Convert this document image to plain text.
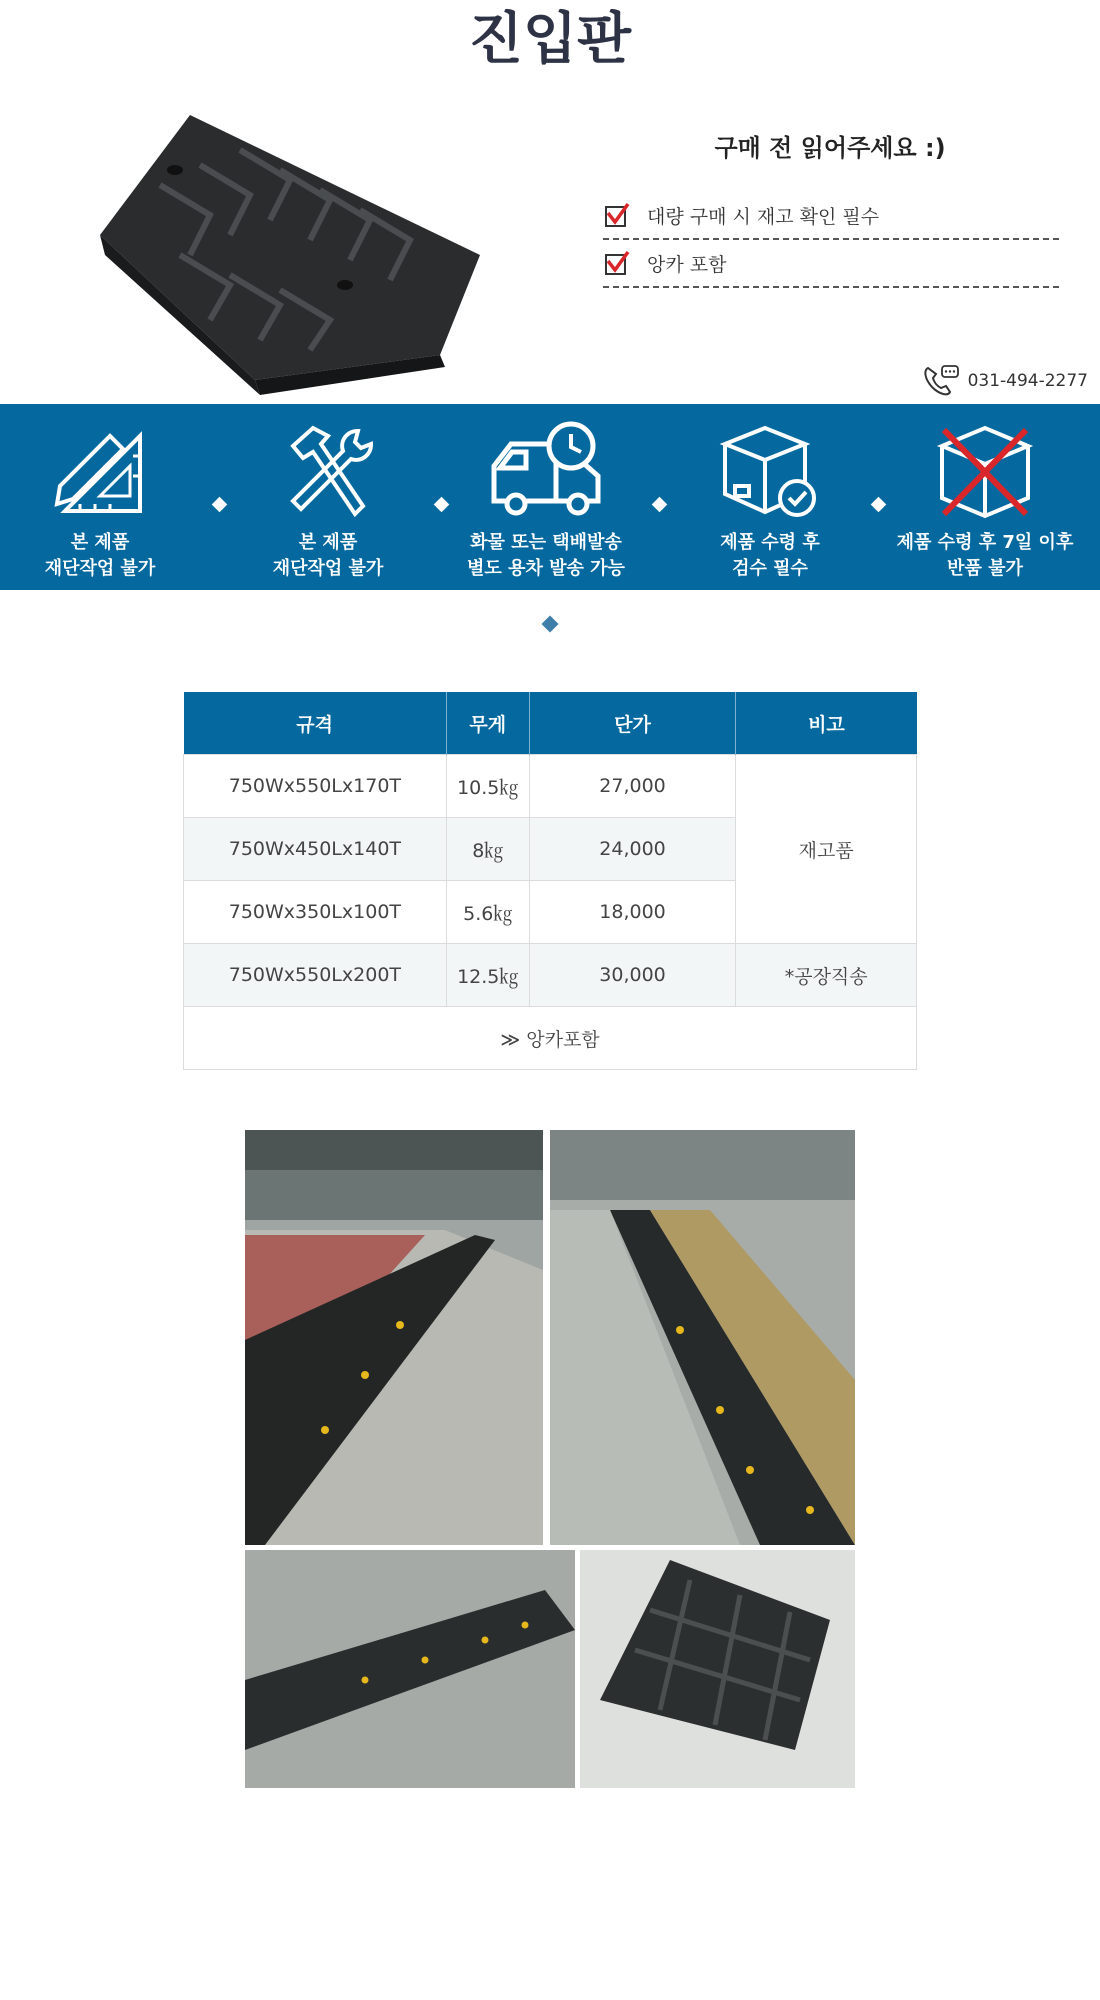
진입판
구매 전 읽어주세요 :)
대량 구매 시 재고 확인 필수
앙카 포함
031-494-2277
본 제품
재단작업 불가
본 제품
재단작업 불가
화물 또는 택배발송
별도 용차 발송 가능
제품 수령 후
검수 필수
제품 수령 후 7일 이후
반품 불가
규격	무게	단가	비고
750Wx550Lx170T	10.5㎏	27,000	재고품
750Wx450Lx140T	8㎏	24,000	
750Wx350Lx100T	5.6㎏	18,000	
750Wx550Lx200T	12.5㎏	30,000	*공장직송
≫ 앙카포함			
